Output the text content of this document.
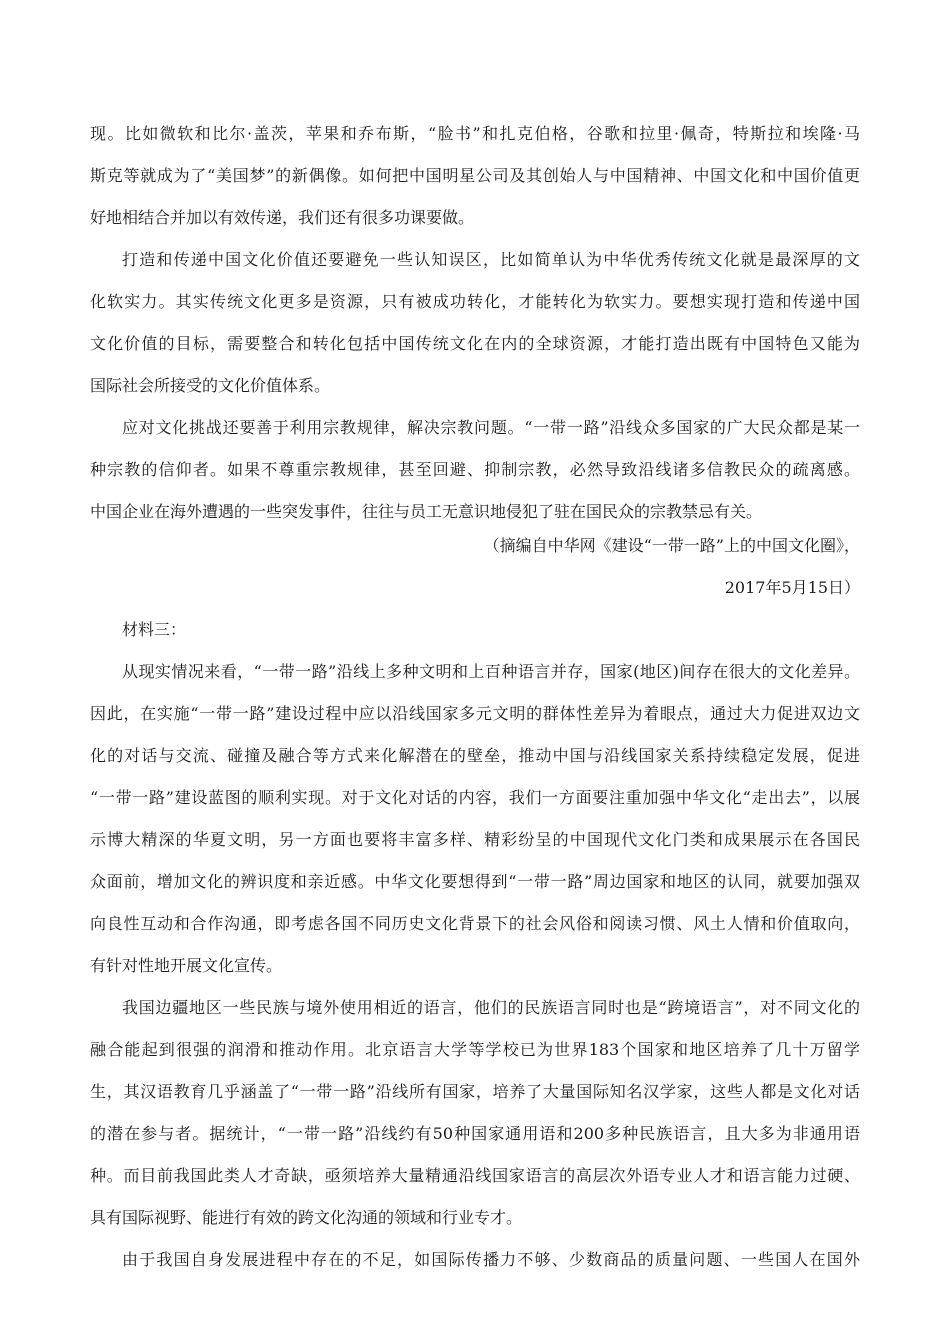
现。比如微软和比尔·盖茨，苹果和乔布斯，“脸书”和扎克伯格，谷歌和拉里·佩奇，特斯拉和埃隆·马
斯克等就成为了“美国梦”的新偶像。如何把中国明星公司及其创始人与中国精神、中国文化和中国价值更
好地相结合并加以有效传递，我们还有很多功课要做。
打造和传递中国文化价值还要避免一些认知误区，比如简单认为中华优秀传统文化就是最深厚的文
化软实力。其实传统文化更多是资源，只有被成功转化，才能转化为软实力。要想实现打造和传递中国
文化价值的目标，需要整合和转化包括中国传统文化在内的全球资源，才能打造出既有中国特色又能为
国际社会所接受的文化价值体系。
应对文化挑战还要善于利用宗教规律，解决宗教问题。“一带一路”沿线众多国家的广大民众都是某一
种宗教的信仰者。如果不尊重宗教规律，甚至回避、抑制宗教，必然导致沿线诸多信教民众的疏离感。
中国企业在海外遭遇的一些突发事件，往往与员工无意识地侵犯了驻在国民众的宗教禁忌有关。
（摘编自中华网《建设“一带一路”上的中国文化圈》，
2017年5月15日）
材料三：
从现实情况来看，“一带一路”沿线上多种文明和上百种语言并存，国家(地区)间存在很大的文化差异。
因此，在实施“一带一路”建设过程中应以沿线国家多元文明的群体性差异为着眼点，通过大力促进双边文
化的对话与交流、碰撞及融合等方式来化解潜在的壁垒，推动中国与沿线国家关系持续稳定发展，促进
“一带一路”建设蓝图的顺利实现。对于文化对话的内容，我们一方面要注重加强中华文化“走出去”，以展
示博大精深的华夏文明，另一方面也要将丰富多样、精彩纷呈的中国现代文化门类和成果展示在各国民
众面前，增加文化的辨识度和亲近感。中华文化要想得到“一带一路”周边国家和地区的认同，就要加强双
向良性互动和合作沟通，即考虑各国不同历史文化背景下的社会风俗和阅读习惯、风土人情和价值取向，
有针对性地开展文化宣传。
我国边疆地区一些民族与境外使用相近的语言，他们的民族语言同时也是“跨境语言”，对不同文化的
融合能起到很强的润滑和推动作用。北京语言大学等学校已为世界183个国家和地区培养了几十万留学
生，其汉语教育几乎涵盖了“一带一路”沿线所有国家，培养了大量国际知名汉学家，这些人都是文化对话
的潜在参与者。据统计，“一带一路”沿线约有50种国家通用语和200多种民族语言，且大多为非通用语
种。而目前我国此类人才奇缺，亟须培养大量精通沿线国家语言的高层次外语专业人才和语言能力过硬、
具有国际视野、能进行有效的跨文化沟通的领域和行业专才。
由于我国自身发展进程中存在的不足，如国际传播力不够、少数商品的质量问题、一些国人在国外
